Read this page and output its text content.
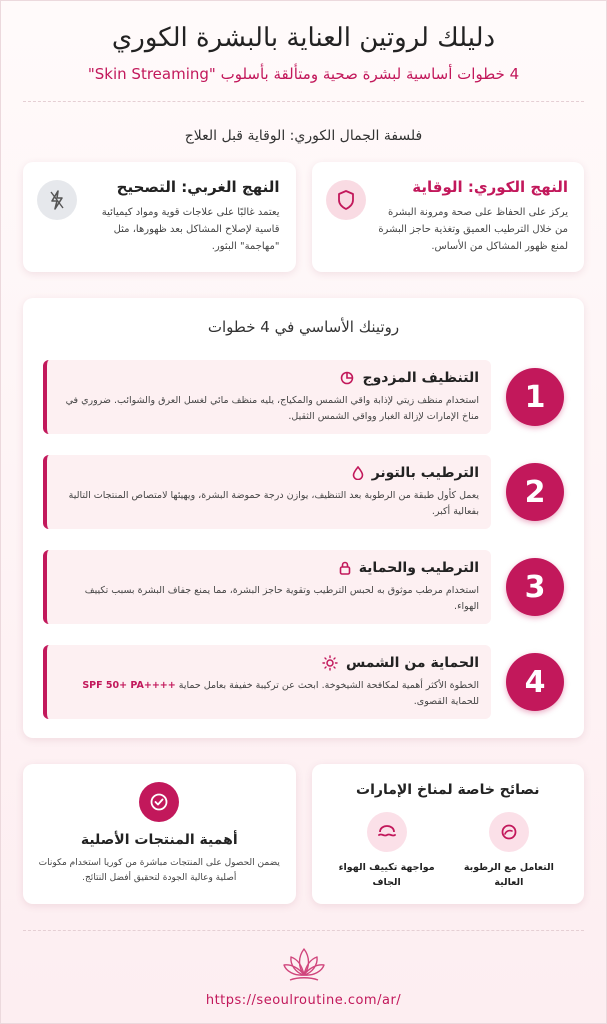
دليلك لروتين العناية بالبشرة الكوري
4 خطوات أساسية لبشرة صحية ومتألقة بأسلوب "Skin Streaming"
فلسفة الجمال الكوري: الوقاية قبل العلاج
النهج الكوري: الوقاية
يركز على الحفاظ على صحة ومرونة البشرة من خلال الترطيب العميق وتغذية حاجز البشرة لمنع ظهور المشاكل من الأساس.
النهج الغربي: التصحيح
يعتمد غالبًا على علاجات قوية ومواد كيميائية قاسية لإصلاح المشاكل بعد ظهورها، مثل "مهاجمة" البثور.
روتينك الأساسي في 4 خطوات
التنظيف المزدوج
استخدام منظف زيتي لإذابة واقي الشمس والمكياج، يليه منظف مائي لغسل العرق والشوائب. ضروري في مناخ الإمارات لإزالة الغبار وواقي الشمس الثقيل.
1
الترطيب بالتونر
يعمل كأول طبقة من الرطوبة بعد التنظيف، يوازن درجة حموضة البشرة، ويهيئها لامتصاص المنتجات التالية بفعالية أكبر.
2
الترطيب والحماية
استخدام مرطب موثوق به لحبس الترطيب وتقوية حاجز البشرة، مما يمنع جفاف البشرة بسبب تكييف الهواء.
3
الحماية من الشمس
الخطوة الأكثر أهمية لمكافحة الشيخوخة. ابحث عن تركيبة خفيفة بعامل حماية SPF 50+ PA++++ للحماية القصوى.
4
نصائح خاصة لمناخ الإمارات
مواجهة تكييف الهواء الجاف
التعامل مع الرطوبة العالية
أهمية المنتجات الأصلية
يضمن الحصول على المنتجات مباشرة من كوريا استخدام مكونات أصلية وعالية الجودة لتحقيق أفضل النتائج.
https://seoulroutine.com/ar/
